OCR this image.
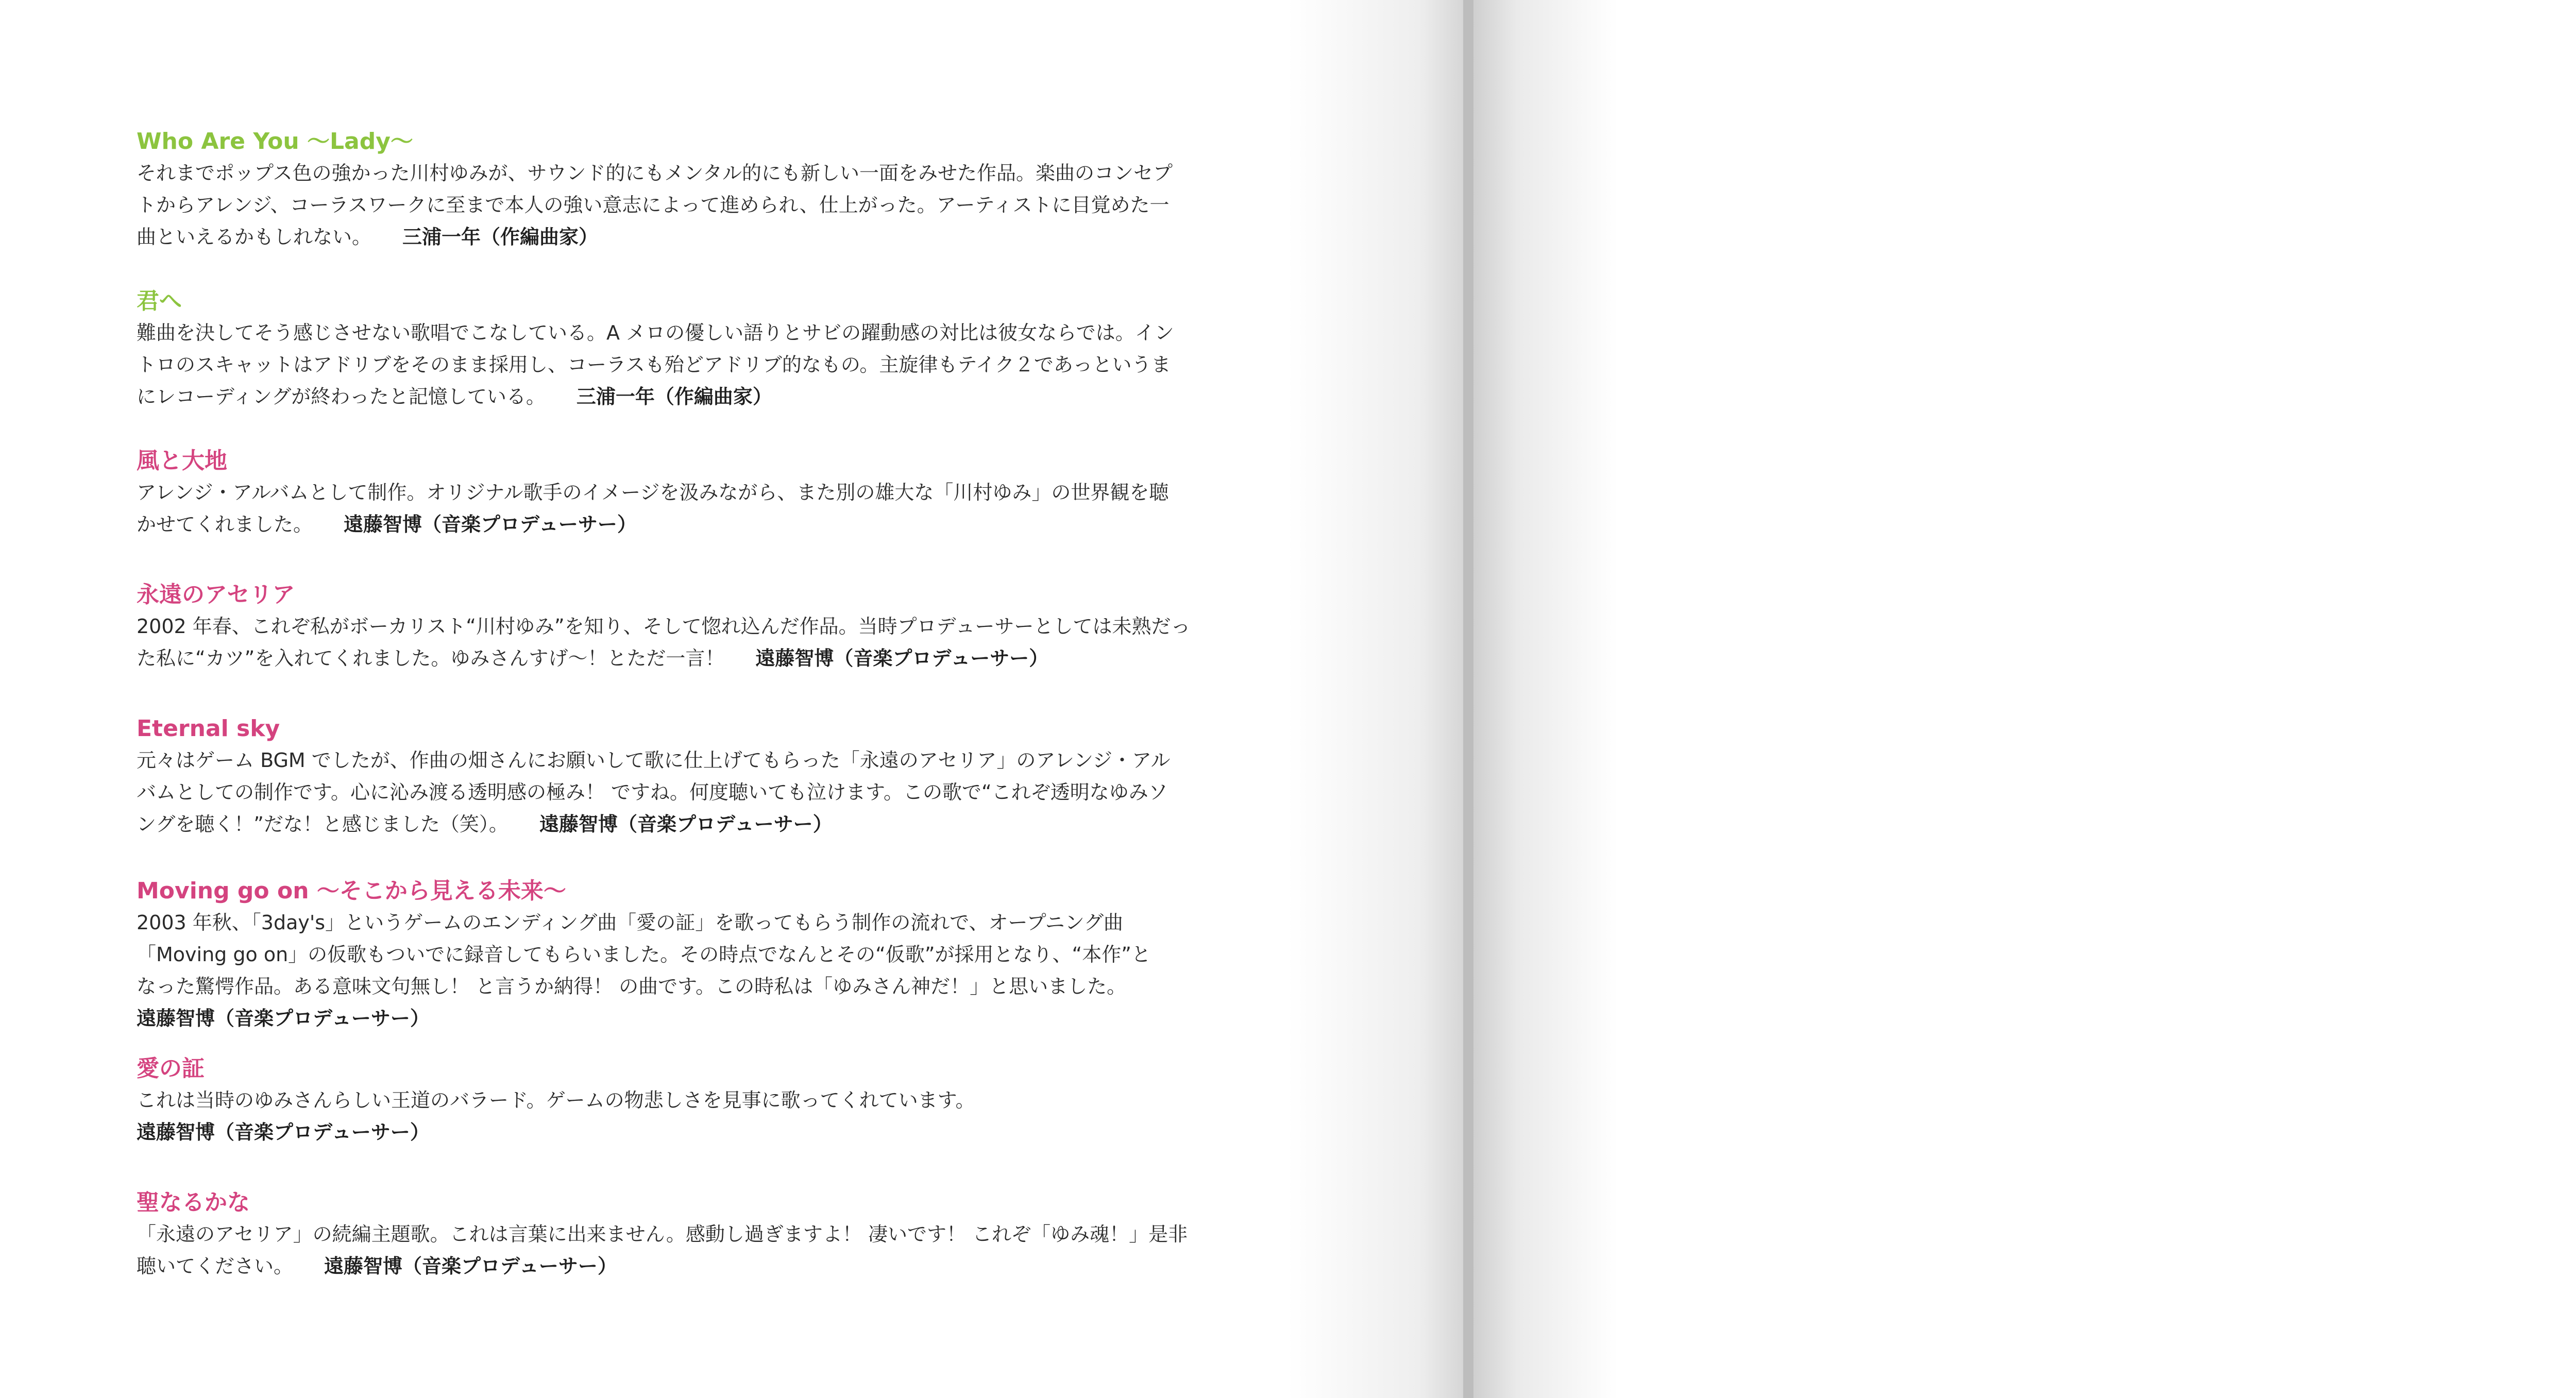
Who Are You ～Lady～
それまでポップス色の強かった川村ゆみが、サウンド的にもメンタル的にも新しい一面をみせた作品。楽曲のコンセプ
トからアレンジ、コーラスワークに至まで本人の強い意志によって進められ、仕上がった。アーティストに目覚めた一
曲といえるかもしれない。 三浦一年（作編曲家）
君へ
難曲を決してそう感じさせない歌唱でこなしている。A メロの優しい語りとサビの躍動感の対比は彼女ならでは。イン
トロのスキャットはアドリブをそのまま採用し、コーラスも殆どアドリブ的なもの。主旋律もテイク２であっというま
にレコーディングが終わったと記憶している。 三浦一年（作編曲家）
風と大地
アレンジ・アルバムとして制作。オリジナル歌手のイメージを汲みながら、また別の雄大な「川村ゆみ」の世界観を聴
かせてくれました。 遠藤智博（音楽プロデューサー）
永遠のアセリア
2002 年春、これぞ私がボーカリスト“川村ゆみ”を知り、そして惚れ込んだ作品。当時プロデューサーとしては未熟だっ
た私に“カツ”を入れてくれました。ゆみさんすげ～！とただ一言！ 遠藤智博（音楽プロデューサー）
Eternal sky
元々はゲーム BGM でしたが、作曲の畑さんにお願いして歌に仕上げてもらった「永遠のアセリア」のアレンジ・アル
バムとしての制作です。心に沁み渡る透明感の極み！ ですね。何度聴いても泣けます。この歌で“これぞ透明なゆみソ
ングを聴く！”だな！と感じました（笑）。 遠藤智博（音楽プロデューサー）
Moving go on ～そこから見える未来～
2003 年秋、「3day's」というゲームのエンディング曲「愛の証」を歌ってもらう制作の流れで、オープニング曲
「Moving go on」の仮歌もついでに録音してもらいました。その時点でなんとその“仮歌”が採用となり、“本作”と
なった驚愕作品。ある意味文句無し！ と言うか納得！ の曲です。この時私は「ゆみさん神だ！」と思いました。
遠藤智博（音楽プロデューサー）
愛の証
これは当時のゆみさんらしい王道のバラード。ゲームの物悲しさを見事に歌ってくれています。
遠藤智博（音楽プロデューサー）
聖なるかな
「永遠のアセリア」の続編主題歌。これは言葉に出来ません。感動し過ぎますよ！ 凄いです！ これぞ「ゆみ魂！」是非
聴いてください。 遠藤智博（音楽プロデューサー）
